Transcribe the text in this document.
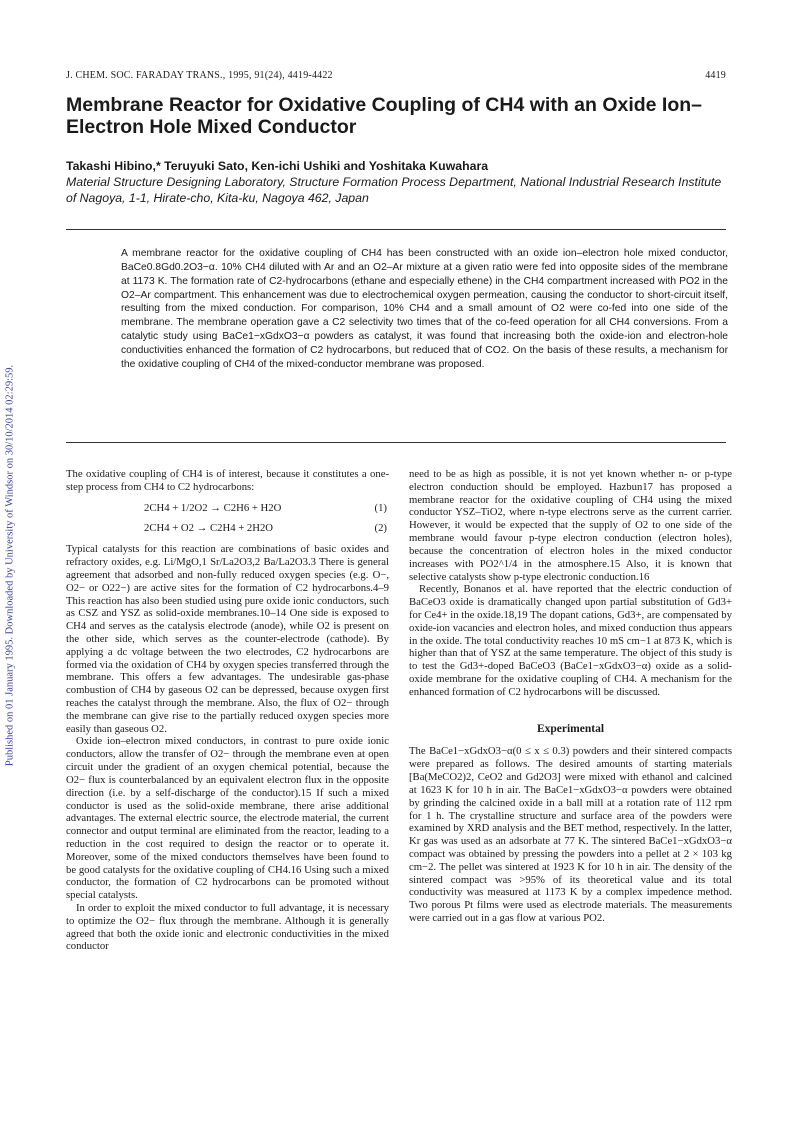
Published on 01 January 1995. Downloaded by University of Windsor on 30/10/2014 02:29:59.
J. CHEM. SOC. FARADAY TRANS., 1995, 91(24), 4419-4422	4419
Membrane Reactor for Oxidative Coupling of CH4 with an Oxide Ion–Electron Hole Mixed Conductor
Takashi Hibino,* Teruyuki Sato, Ken-ichi Ushiki and Yoshitaka Kuwahara
Material Structure Designing Laboratory, Structure Formation Process Department, National Industrial Research Institute of Nagoya, 1-1, Hirate-cho, Kita-ku, Nagoya 462, Japan
A membrane reactor for the oxidative coupling of CH4 has been constructed with an oxide ion–electron hole mixed conductor, BaCe0.8Gd0.2O3−α. 10% CH4 diluted with Ar and an O2–Ar mixture at a given ratio were fed into opposite sides of the membrane at 1173 K. The formation rate of C2-hydrocarbons (ethane and especially ethene) in the CH4 compartment increased with PO2 in the O2–Ar compartment. This enhancement was due to electrochemical oxygen permeation, causing the conductor to short-circuit itself, resulting from the mixed conduction. For comparison, 10% CH4 and a small amount of O2 were co-fed into one side of the membrane. The membrane operation gave a C2 selectivity two times that of the co-feed operation for all CH4 conversions. From a catalytic study using BaCe1−xGdxO3−α powders as catalyst, it was found that increasing both the oxide-ion and electron-hole conductivities enhanced the formation of C2 hydrocarbons, but reduced that of CO2. On the basis of these results, a mechanism for the oxidative coupling of CH4 of the mixed-conductor membrane was proposed.

The oxidative coupling of CH4 is of interest, because it constitutes a one-step process from CH4 to C2 hydrocarbons:

2CH4 + 1/2O2 → C2H6 + H2O	(1)
2CH4 + O2 → C2H4 + 2H2O	(2)

Typical catalysts for this reaction are combinations of basic oxides and refractory oxides, e.g. Li/MgO,1 Sr/La2O3,2 Ba/La2O3.3 There is general agreement that adsorbed and non-fully reduced oxygen species (e.g. O−, O2− or O22−) are active sites for the formation of C2 hydrocarbons.4–9 This reaction has also been studied using pure oxide ionic conductors, such as CSZ and YSZ as solid-oxide membranes.10–14 One side is exposed to CH4 and serves as the catalysis electrode (anode), while O2 is present on the other side, which serves as the counter-electrode (cathode). By applying a dc voltage between the two electrodes, C2 hydrocarbons are formed via the oxidation of CH4 by oxygen species transferred through the membrane. This offers a few advantages. The undesirable gas-phase combustion of CH4 by gaseous O2 can be depressed, because oxygen first reaches the catalyst through the membrane. Also, the flux of O2− through the membrane can give rise to the partially reduced oxygen species more easily than gaseous O2.

Oxide ion–electron mixed conductors, in contrast to pure oxide ionic conductors, allow the transfer of O2− through the membrane even at open circuit under the gradient of an oxygen chemical potential, because the O2− flux is counterbalanced by an equivalent electron flux in the opposite direction (i.e. by a self-discharge of the conductor).15 If such a mixed conductor is used as the solid-oxide membrane, there arise additional advantages. The external electric source, the electrode material, the current connector and output terminal are eliminated from the reactor, leading to a reduction in the cost required to design the reactor or to operate it. Moreover, some of the mixed conductors themselves have been found to be good catalysts for the oxidative coupling of CH4.16 Using such a mixed conductor, the formation of C2 hydrocarbons can be promoted without special catalysts.

In order to exploit the mixed conductor to full advantage, it is necessary to optimize the O2− flux through the membrane. Although it is generally agreed that both the oxide ionic and electronic conductivities in the mixed conductor

need to be as high as possible, it is not yet known whether n- or p-type electron conduction should be employed. Hazbun17 has proposed a membrane reactor for the oxidative coupling of CH4 using the mixed conductor YSZ–TiO2, where n-type electrons serve as the current carrier. However, it would be expected that the supply of O2 to one side of the membrane would favour p-type electron conduction (electron holes), because the concentration of electron holes in the mixed conductor increases with PO2^1/4 in the atmosphere.15 Also, it is known that selective catalysts show p-type electronic conduction.16

Recently, Bonanos et al. have reported that the electric conduction of BaCeO3 oxide is dramatically changed upon partial substitution of Gd3+ for Ce4+ in the oxide.18,19 The dopant cations, Gd3+, are compensated by oxide-ion vacancies and electron holes, and mixed conduction thus appears in the oxide. The total conductivity reaches 10 mS cm−1 at 873 K, which is higher than that of YSZ at the same temperature. The object of this study is to test the Gd3+-doped BaCeO3 (BaCe1−xGdxO3−α) oxide as a solid-oxide membrane for the oxidative coupling of CH4. A mechanism for the enhanced formation of C2 hydrocarbons will be discussed.

Experimental

The BaCe1−xGdxO3−α(0 ≤ x ≤ 0.3) powders and their sintered compacts were prepared as follows. The desired amounts of starting materials [Ba(MeCO2)2, CeO2 and Gd2O3] were mixed with ethanol and calcined at 1623 K for 10 h in air. The BaCe1−xGdxO3−α powders were obtained by grinding the calcined oxide in a ball mill at a rotation rate of 112 rpm for 1 h. The crystalline structure and surface area of the powders were examined by XRD analysis and the BET method, respectively. In the latter, Kr gas was used as an adsorbate at 77 K. The sintered BaCe1−xGdxO3−α compact was obtained by pressing the powders into a pellet at 2 × 103 kg cm−2. The pellet was sintered at 1923 K for 10 h in air. The density of the sintered compact was >95% of its theoretical value and its total conductivity was measured at 1173 K by a complex impedence method. Two porous Pt films were used as electrode materials. The measurements were carried out in a gas flow at various PO2.
